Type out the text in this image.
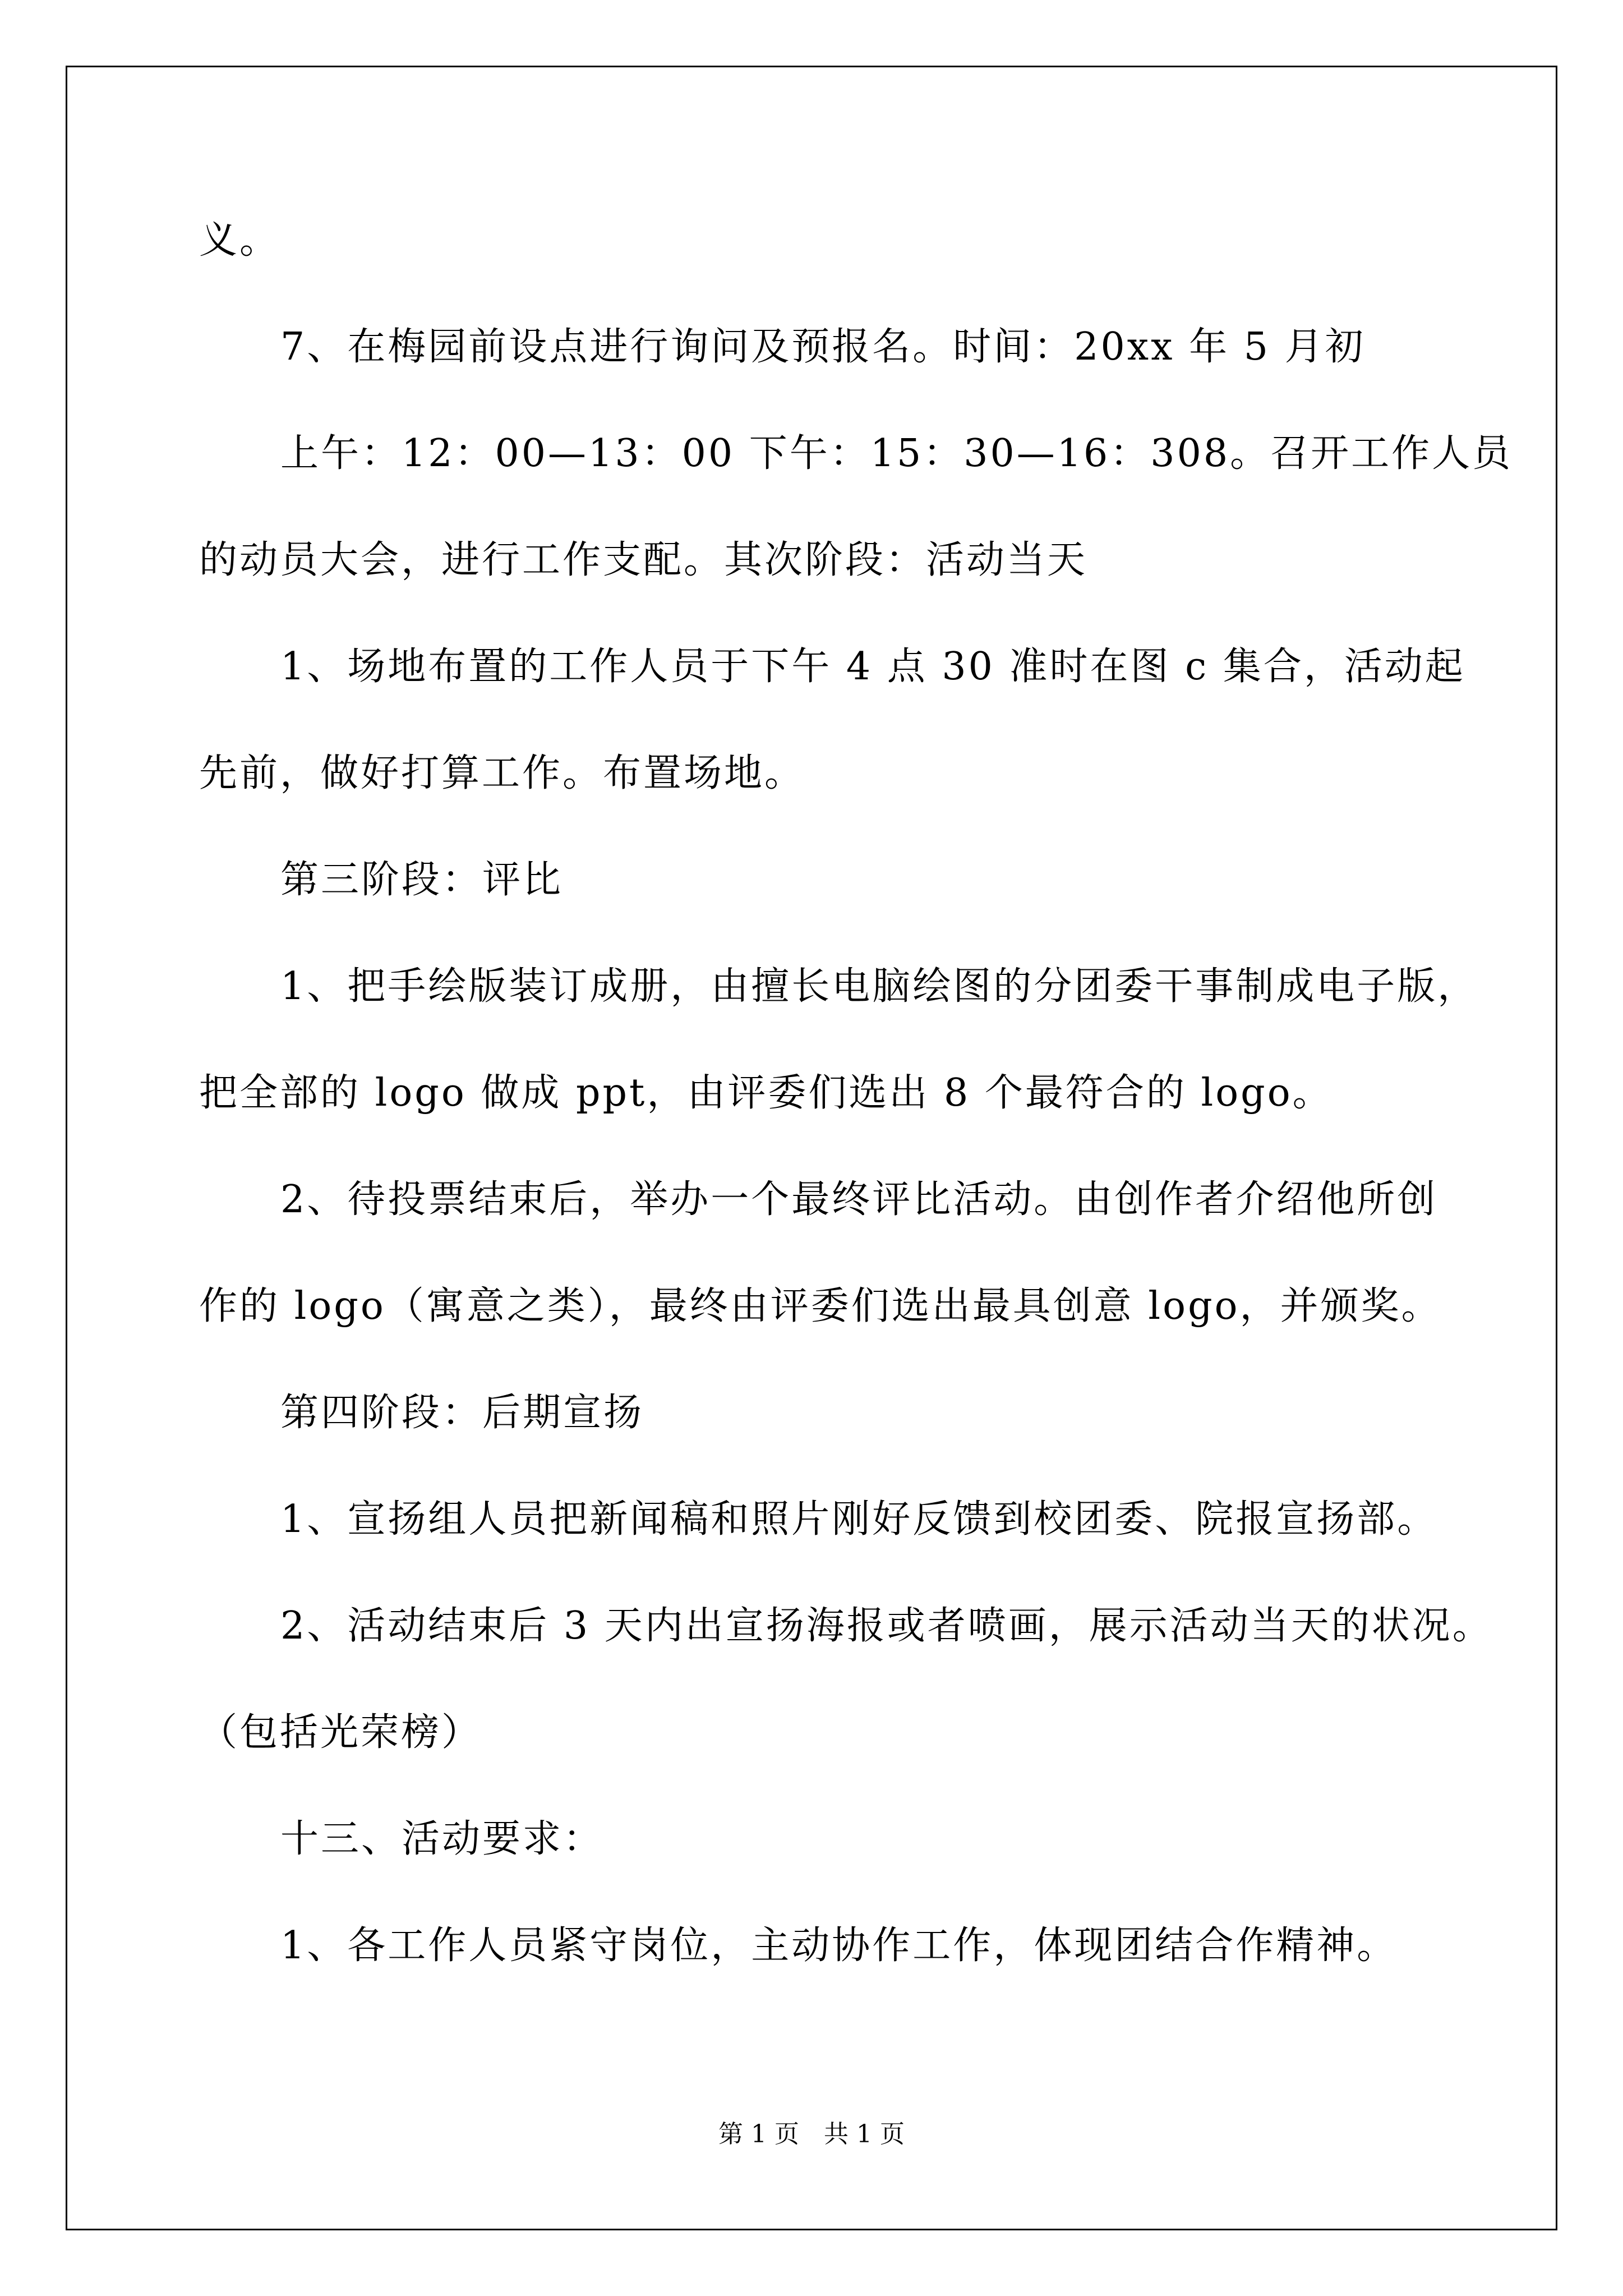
义。
7、在梅园前设点进行询问及预报名。时间：20xx 年 5 月初
上午：12：00—13：00 下午：15：30—16：308。召开工作人员
的动员大会，进行工作支配。其次阶段：活动当天
1、场地布置的工作人员于下午 4 点 30 准时在图 c 集合，活动起
先前，做好打算工作。布置场地。
第三阶段：评比
1、把手绘版装订成册，由擅长电脑绘图的分团委干事制成电子版，
把全部的 logo 做成 ppt，由评委们选出 8 个最符合的 logo。
2、待投票结束后，举办一个最终评比活动。由创作者介绍他所创
作的 logo（寓意之类），最终由评委们选出最具创意 logo，并颁奖。
第四阶段：后期宣扬
1、宣扬组人员把新闻稿和照片刚好反馈到校团委、院报宣扬部。
2、活动结束后 3 天内出宣扬海报或者喷画，展示活动当天的状况。
（包括光荣榜）
十三、活动要求：
1、各工作人员紧守岗位，主动协作工作，体现团结合作精神。
第 1 页　共 1 页
